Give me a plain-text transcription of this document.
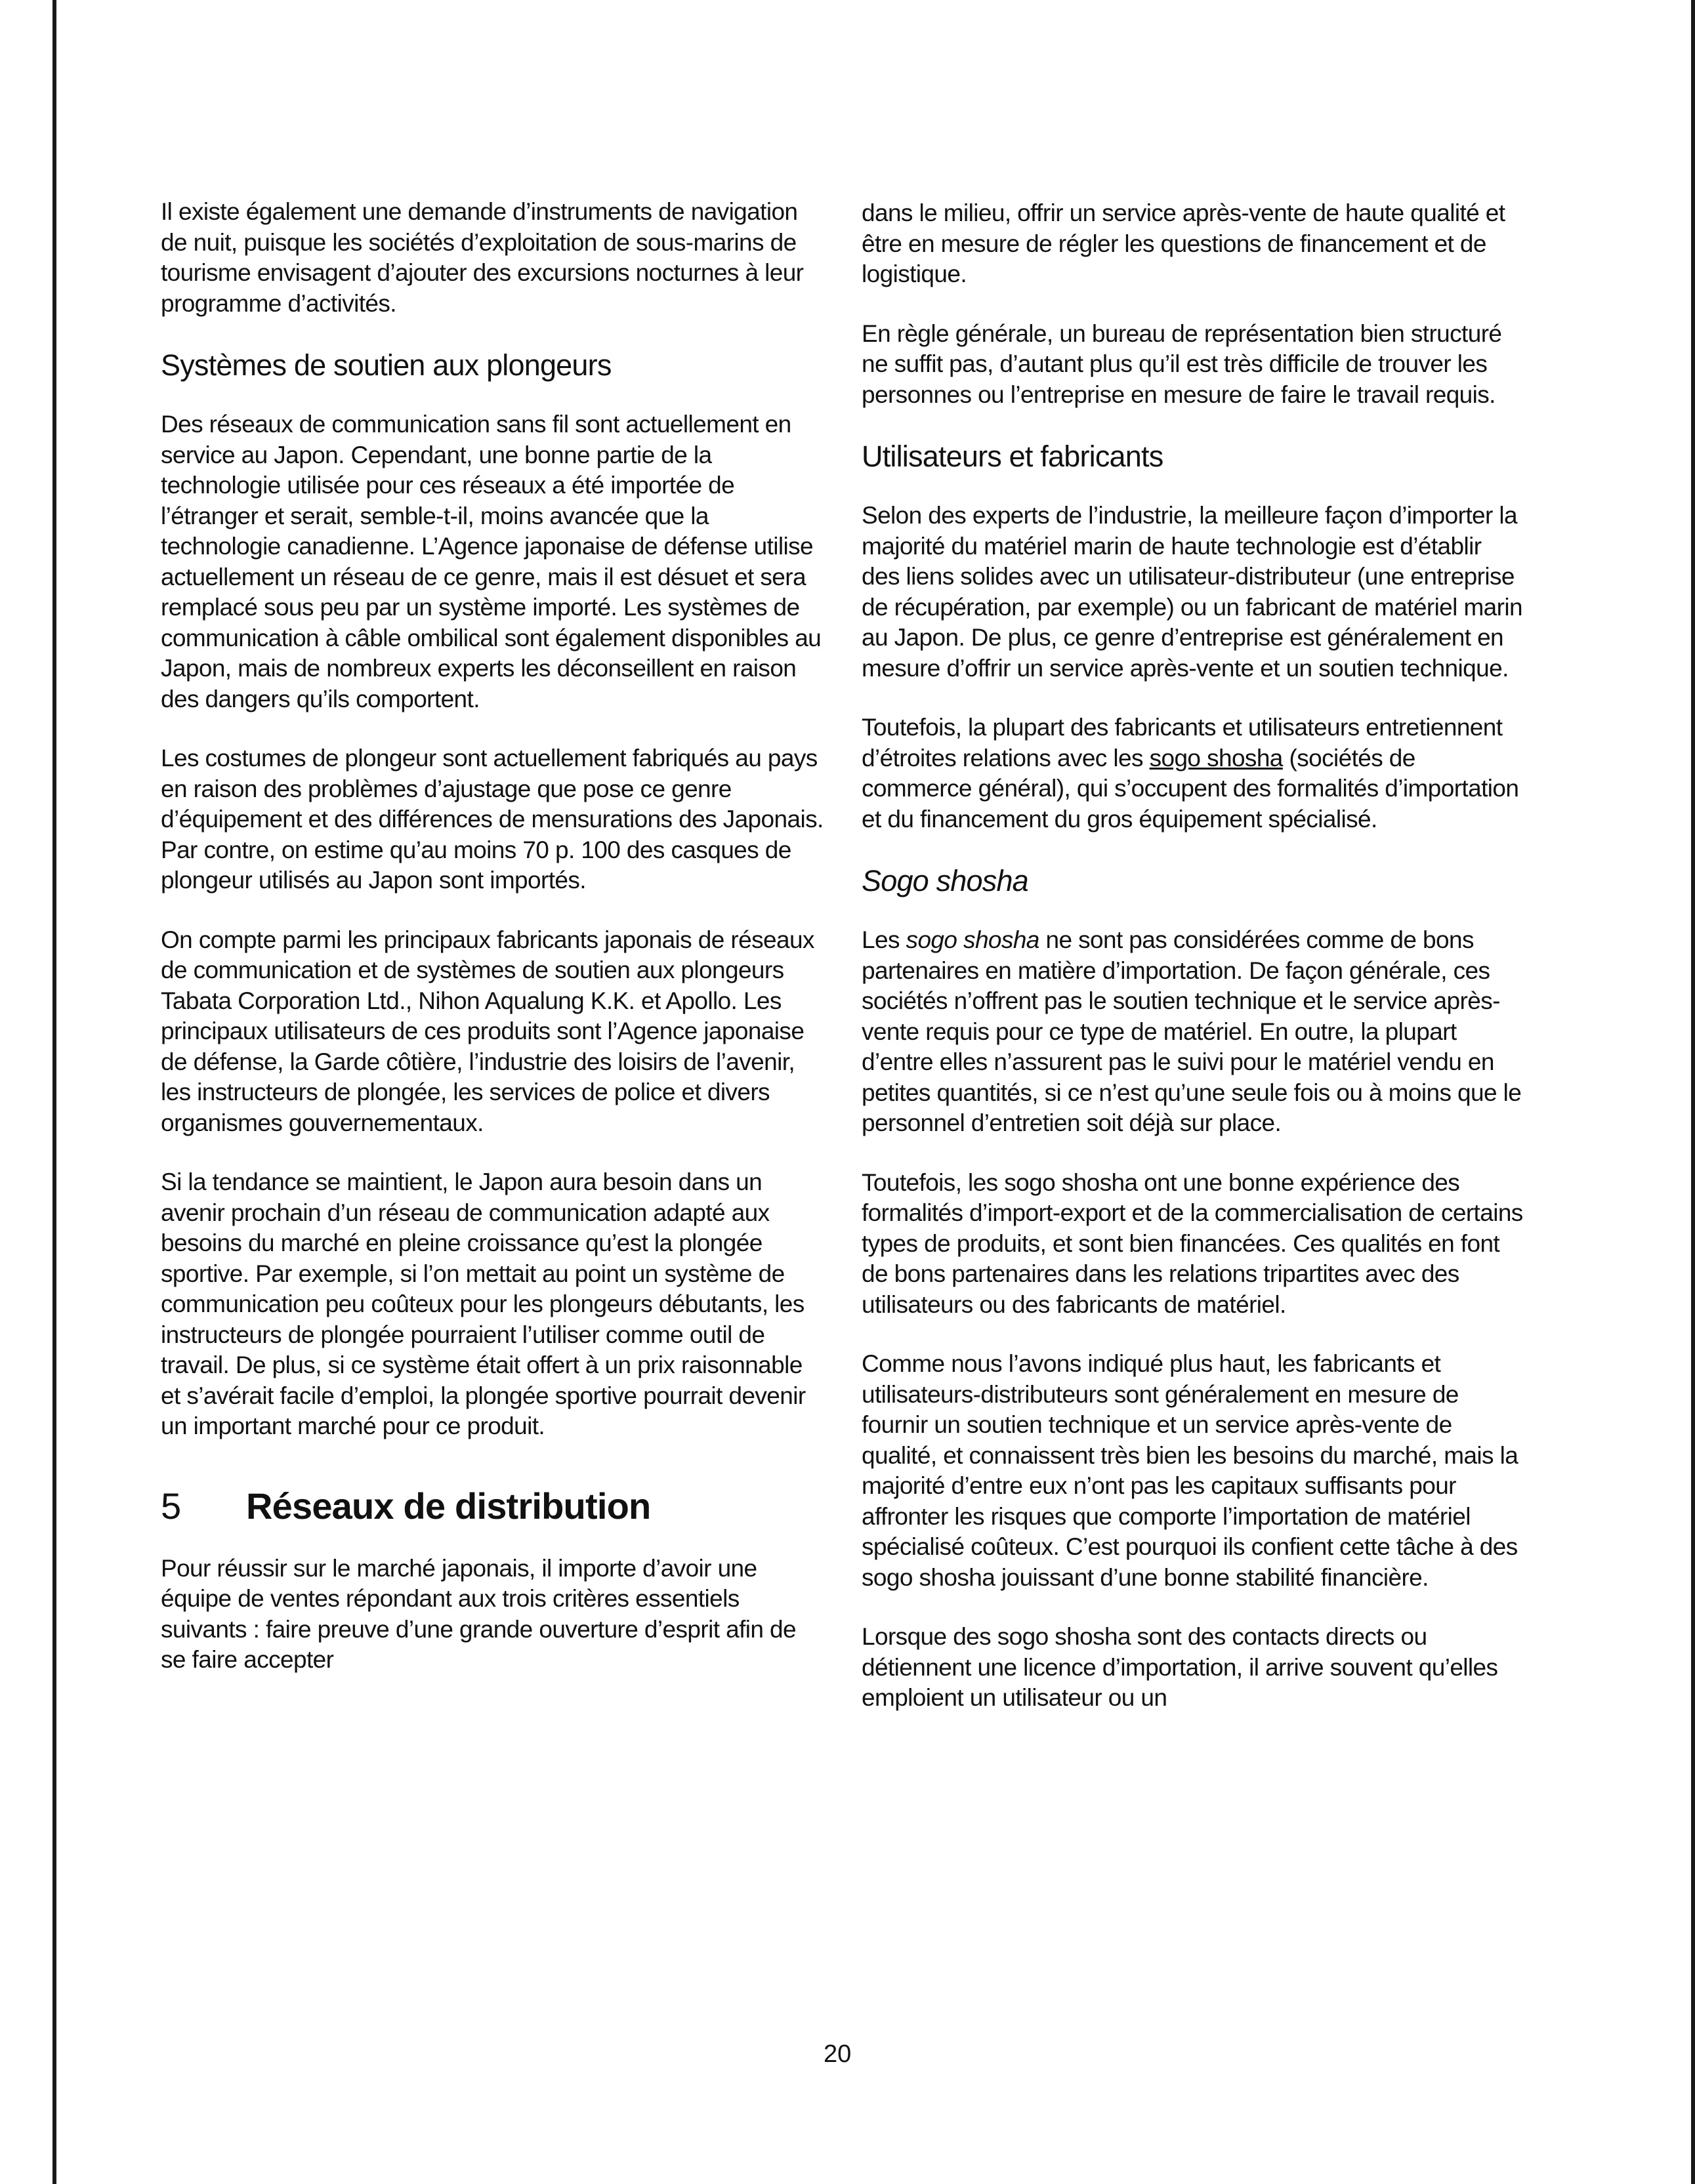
Il existe également une demande d’instruments de navigation de nuit, puisque les sociétés d’exploitation de sous-marins de tourisme envisagent d’ajouter des excursions nocturnes à leur programme d’activités.

Systèmes de soutien aux plongeurs

Des réseaux de communication sans fil sont actuellement en service au Japon. Cependant, une bonne partie de la technologie utilisée pour ces réseaux a été importée de l’étranger et serait, semble-t-il, moins avancée que la technologie canadienne. L’Agence japonaise de défense utilise actuellement un réseau de ce genre, mais il est désuet et sera remplacé sous peu par un système importé. Les systèmes de communication à câble ombilical sont également disponibles au Japon, mais de nombreux experts les déconseillent en raison des dangers qu’ils comportent.

Les costumes de plongeur sont actuellement fabriqués au pays en raison des problèmes d’ajustage que pose ce genre d’équipement et des différences de mensurations des Japonais. Par contre, on estime qu’au moins 70 p. 100 des casques de plongeur utilisés au Japon sont importés.

On compte parmi les principaux fabricants japonais de réseaux de communication et de systèmes de soutien aux plongeurs Tabata Corporation Ltd., Nihon Aqualung K.K. et Apollo. Les principaux utilisateurs de ces produits sont l’Agence japonaise de défense, la Garde côtière, l’industrie des loisirs de l’avenir, les instructeurs de plongée, les services de police et divers organismes gouvernementaux.

Si la tendance se maintient, le Japon aura besoin dans un avenir prochain d’un réseau de communication adapté aux besoins du marché en pleine croissance qu’est la plongée sportive. Par exemple, si l’on mettait au point un système de communication peu coûteux pour les plongeurs débutants, les instructeurs de plongée pourraient l’utiliser comme outil de travail. De plus, si ce système était offert à un prix raisonnable et s’avérait facile d’emploi, la plongée sportive pourrait devenir un important marché pour ce produit.

5	Réseaux de distribution

Pour réussir sur le marché japonais, il importe d’avoir une équipe de ventes répondant aux trois critères essentiels suivants : faire preuve d’une grande ouverture d’esprit afin de se faire accepter

dans le milieu, offrir un service après-vente de haute qualité et être en mesure de régler les questions de financement et de logistique.

En règle générale, un bureau de représentation bien structuré ne suffit pas, d’autant plus qu’il est très difficile de trouver les personnes ou l’entreprise en mesure de faire le travail requis.

Utilisateurs et fabricants

Selon des experts de l’industrie, la meilleure façon d’importer la majorité du matériel marin de haute technologie est d’établir des liens solides avec un utilisateur-distributeur (une entreprise de récupération, par exemple) ou un fabricant de matériel marin au Japon. De plus, ce genre d’entreprise est généralement en mesure d’offrir un service après-vente et un soutien technique.

Toutefois, la plupart des fabricants et utilisateurs entretiennent d’étroites relations avec les sogo shosha (sociétés de commerce général), qui s’occupent des formalités d’importation et du financement du gros équipement spécialisé.

Sogo shosha

Les sogo shosha ne sont pas considérées comme de bons partenaires en matière d’importation. De façon générale, ces sociétés n’offrent pas le soutien technique et le service après-vente requis pour ce type de matériel. En outre, la plupart d’entre elles n’assurent pas le suivi pour le matériel vendu en petites quantités, si ce n’est qu’une seule fois ou à moins que le personnel d’entretien soit déjà sur place.

Toutefois, les sogo shosha ont une bonne expérience des formalités d’import-export et de la commercialisation de certains types de produits, et sont bien financées. Ces qualités en font de bons partenaires dans les relations tripartites avec des utilisateurs ou des fabricants de matériel.

Comme nous l’avons indiqué plus haut, les fabricants et utilisateurs-distributeurs sont généralement en mesure de fournir un soutien technique et un service après-vente de qualité, et connaissent très bien les besoins du marché, mais la majorité d’entre eux n’ont pas les capitaux suffisants pour affronter les risques que comporte l’importation de matériel spécialisé coûteux. C’est pourquoi ils confient cette tâche à des sogo shosha jouissant d’une bonne stabilité financière.

Lorsque des sogo shosha sont des contacts directs ou détiennent une licence d’importation, il arrive souvent qu’elles emploient un utilisateur ou un

20
